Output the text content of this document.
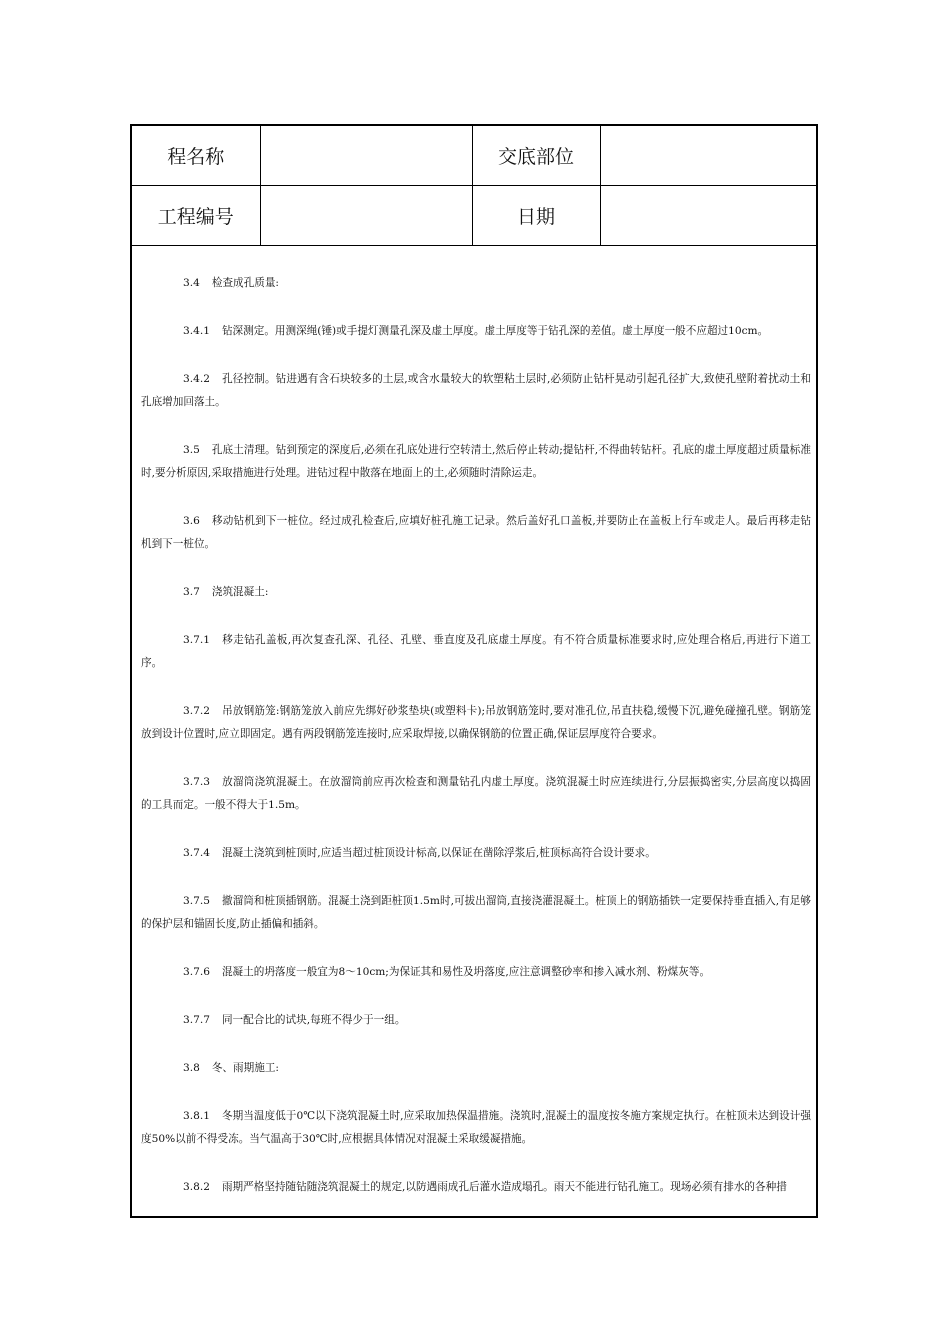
程名称		交底部位	
工程编号		日期	

3.4 检查成孔质量:

3.4.1 钻深测定。用测深绳(锤)或手提灯测量孔深及虚土厚度。虚土厚度等于钻孔深的差值。虚土厚度一般不应超过10cm。

3.4.2 孔径控制。钻进遇有含石块较多的土层,或含水量较大的软塑粘土层时,必须防止钻杆晃动引起孔径扩大,致使孔壁附着扰动土和孔底增加回落土。

3.5 孔底土清理。钻到预定的深度后,必须在孔底处进行空转清土,然后停止转动;提钻杆,不得曲转钻杆。孔底的虚土厚度超过质量标准时,要分析原因,采取措施进行处理。进钻过程中散落在地面上的土,必须随时清除运走。

3.6 移动钻机到下一桩位。经过成孔检查后,应填好桩孔施工记录。然后盖好孔口盖板,并要防止在盖板上行车或走人。最后再移走钻机到下一桩位。

3.7 浇筑混凝土:

3.7.1 移走钻孔盖板,再次复查孔深、孔径、孔壁、垂直度及孔底虚土厚度。有不符合质量标准要求时,应处理合格后,再进行下道工序。

3.7.2 吊放钢筋笼:钢筋笼放入前应先绑好砂浆垫块(或塑料卡);吊放钢筋笼时,要对准孔位,吊直扶稳,缓慢下沉,避免碰撞孔壁。钢筋笼放到设计位置时,应立即固定。遇有两段钢筋笼连接时,应采取焊接,以确保钢筋的位置正确,保证层厚度符合要求。

3.7.3 放溜筒浇筑混凝土。在放溜筒前应再次检查和测量钻孔内虚土厚度。浇筑混凝土时应连续进行,分层振捣密实,分层高度以捣固的工具而定。一般不得大于1.5m。

3.7.4 混凝土浇筑到桩顶时,应适当超过桩顶设计标高,以保证在凿除浮浆后,桩顶标高符合设计要求。

3.7.5 撤溜筒和桩顶插钢筋。混凝土浇到距桩顶1.5m时,可拔出溜筒,直接浇灌混凝土。桩顶上的钢筋插铁一定要保持垂直插入,有足够的保护层和锚固长度,防止插偏和插斜。

3.7.6 混凝土的坍落度一般宜为8～10cm;为保证其和易性及坍落度,应注意调整砂率和掺入减水剂、粉煤灰等。

3.7.7 同一配合比的试块,每班不得少于一组。

3.8 冬、雨期施工:

3.8.1 冬期当温度低于0℃以下浇筑混凝土时,应采取加热保温措施。浇筑时,混凝土的温度按冬施方案规定执行。在桩顶未达到设计强度50%以前不得受冻。当气温高于30℃时,应根据具体情况对混凝土采取缓凝措施。

3.8.2 雨期严格坚持随钻随浇筑混凝土的规定,以防遇雨成孔后灌水造成塌孔。雨天不能进行钻孔施工。现场必须有排水的各种措
